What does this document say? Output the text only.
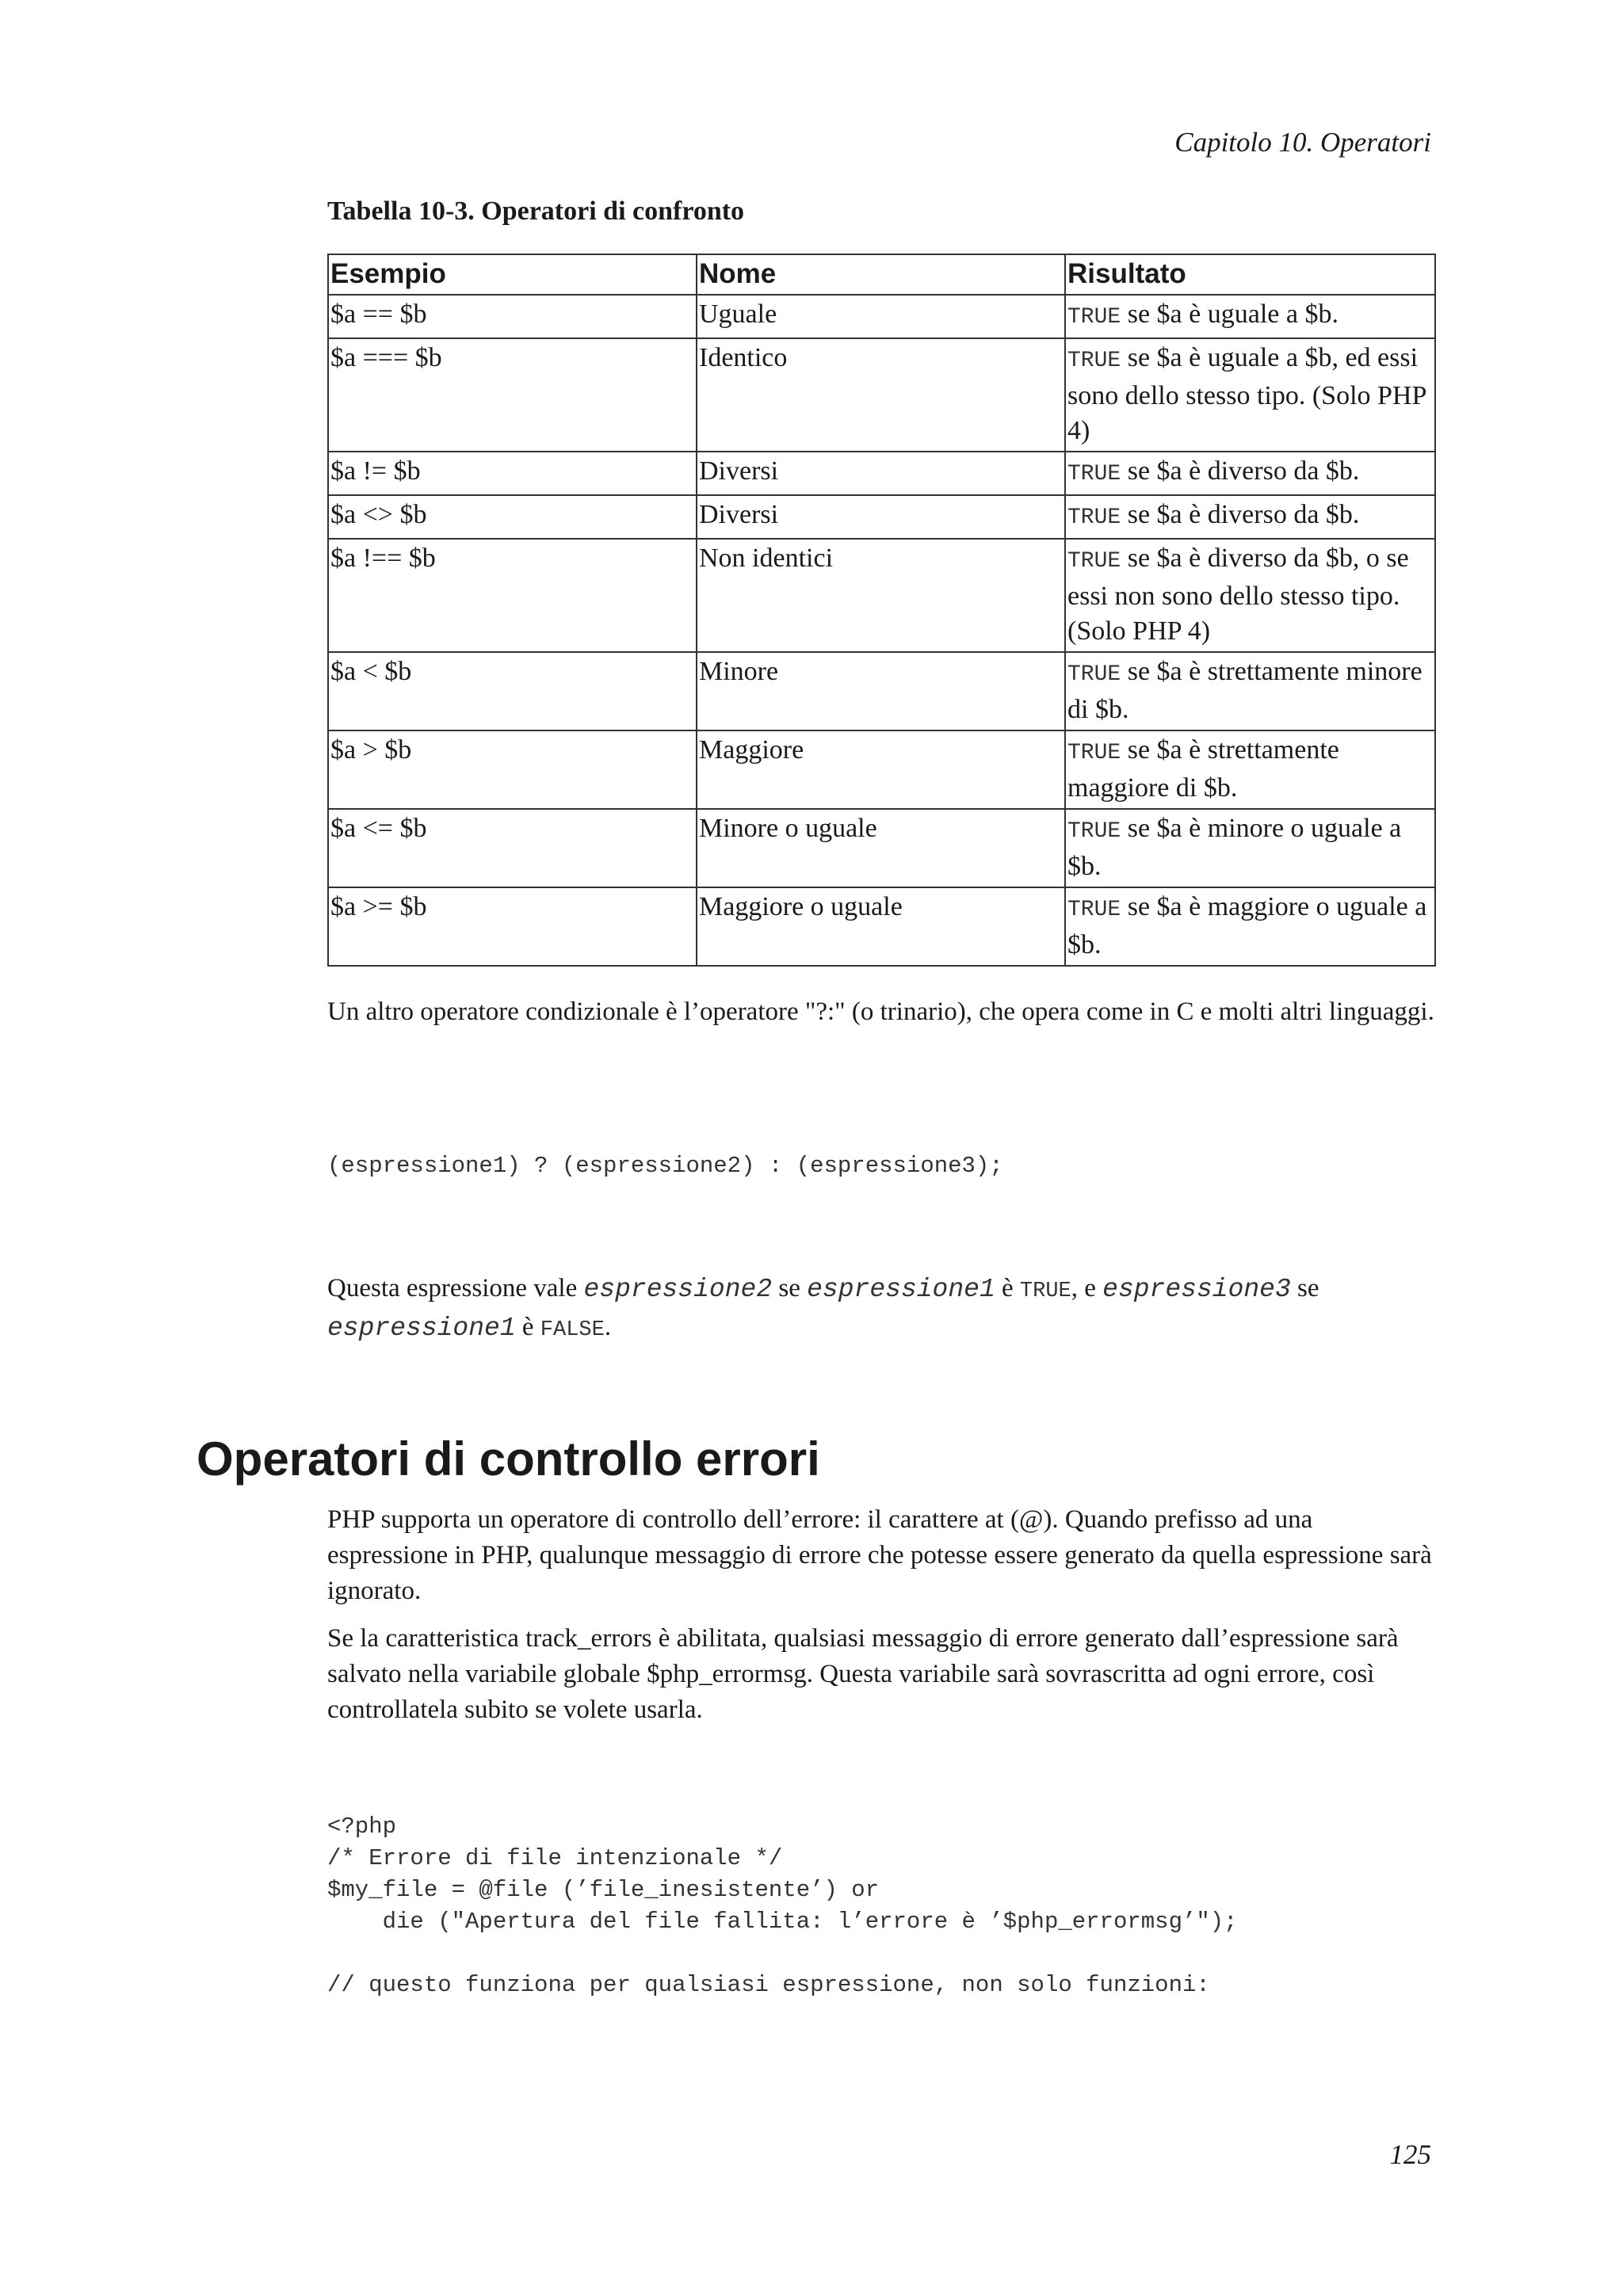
Capitolo 10. Operatori
Tabella 10-3. Operatori di confronto
Esempio	Nome	Risultato
$a == $b	Uguale	TRUE se $a è uguale a $b.
$a === $b	Identico	TRUE se $a è uguale a $b, ed essi sono dello stesso tipo. (Solo PHP 4)
$a != $b	Diversi	TRUE se $a è diverso da $b.
$a <> $b	Diversi	TRUE se $a è diverso da $b.
$a !== $b	Non identici	TRUE se $a è diverso da $b, o se essi non sono dello stesso tipo. (Solo PHP 4)
$a < $b	Minore	TRUE se $a è strettamente minore di $b.
$a > $b	Maggiore	TRUE se $a è strettamente maggiore di $b.
$a <= $b	Minore o uguale	TRUE se $a è minore o uguale a $b.
$a >= $b	Maggiore o uguale	TRUE se $a è maggiore o uguale a $b.
Un altro operatore condizionale è l’operatore "?:" (o trinario), che opera come in C e molti altri linguaggi.
(espressione1) ? (espressione2) : (espressione3);
Questa espressione vale espressione2 se espressione1 è TRUE, e espressione3 se
espressione1 è FALSE.
Operatori di controllo errori
PHP supporta un operatore di controllo dell’errore: il carattere at (@). Quando prefisso ad una espressione in PHP, qualunque messaggio di errore che potesse essere generato da quella espressione sarà ignorato.
Se la caratteristica track_errors è abilitata, qualsiasi messaggio di errore generato dall’espressione sarà salvato nella variabile globale $php_errormsg. Questa variabile sarà sovrascritta ad ogni errore, così controllatela subito se volete usarla.
<?php
/* Errore di file intenzionale */
$my_file = @file (’file_inesistente’) or
die ("Apertura del file fallita: l’errore è ’$php_errormsg’");

// questo funziona per qualsiasi espressione, non solo funzioni:
125
